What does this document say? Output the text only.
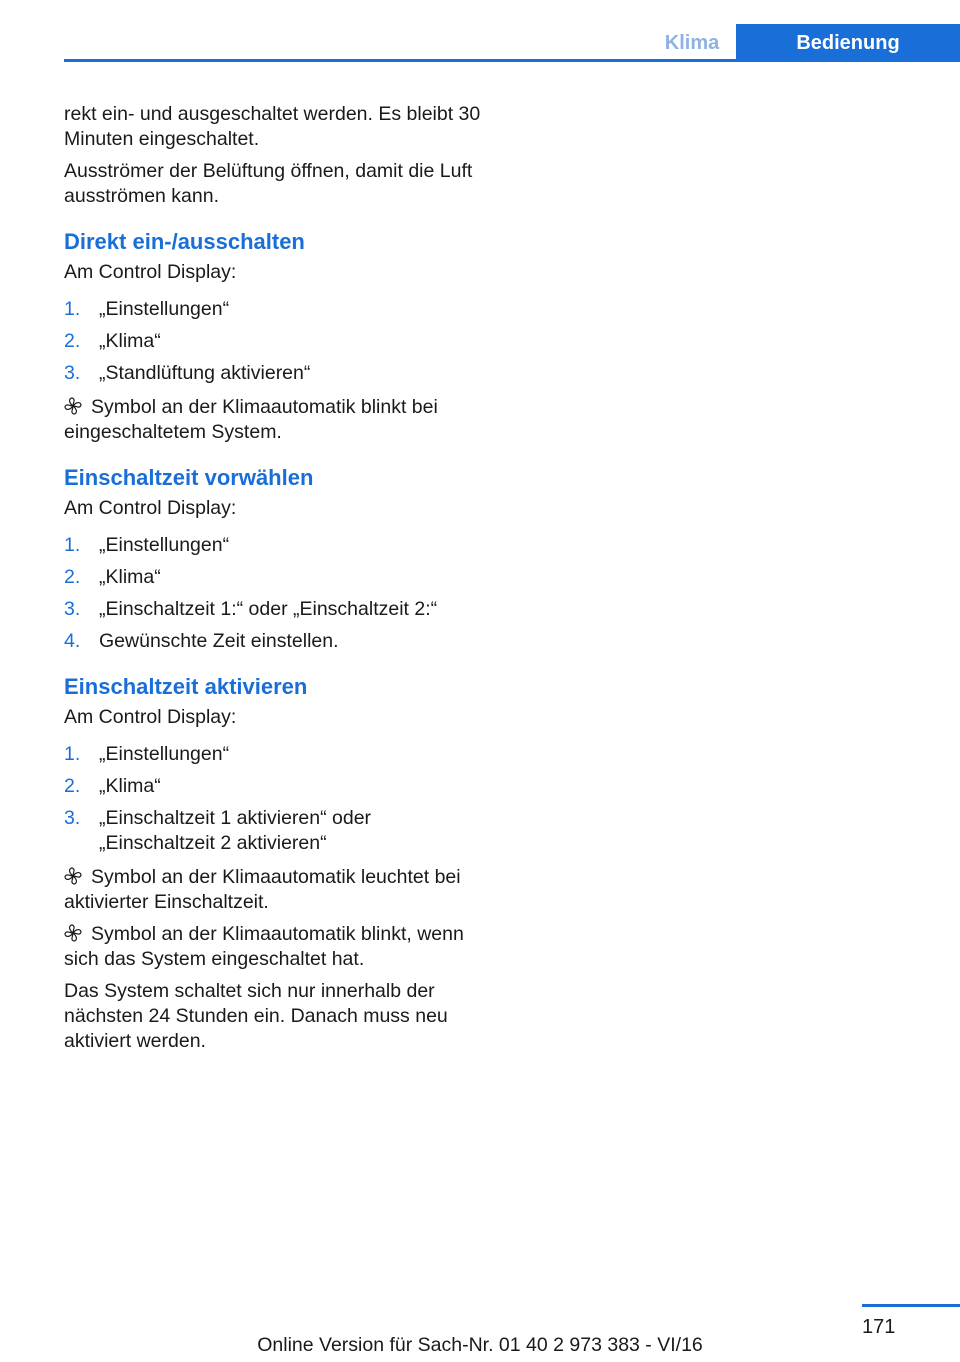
Klima	Bedienung

rekt ein- und ausgeschaltet werden. Es bleibt 30 Minuten eingeschaltet.

Ausströmer der Belüftung öffnen, damit die Luft ausströmen kann.

Direkt ein-/ausschalten

Am Control Display:

1. „Einstellungen“
2. „Klima“
3. „Standlüftung aktivieren“

Symbol an der Klimaautomatik blinkt bei eingeschaltetem System.

Einschaltzeit vorwählen

Am Control Display:

1. „Einstellungen“
2. „Klima“
3. „Einschaltzeit 1:“ oder „Einschaltzeit 2:“
4. Gewünschte Zeit einstellen.
Einschaltzeit aktivieren

Am Control Display:

1. „Einstellungen“
2. „Klima“
3. „Einschaltzeit 1 aktivieren“ oder „Einschaltzeit 2 aktivieren“

Symbol an der Klimaautomatik leuchtet bei aktivierter Einschaltzeit.

Symbol an der Klimaautomatik blinkt, wenn sich das System eingeschaltet hat.

Das System schaltet sich nur innerhalb der nächsten 24 Stunden ein. Danach muss neu aktiviert werden.

171
Online Version für Sach-Nr. 01 40 2 973 383 - VI/16
